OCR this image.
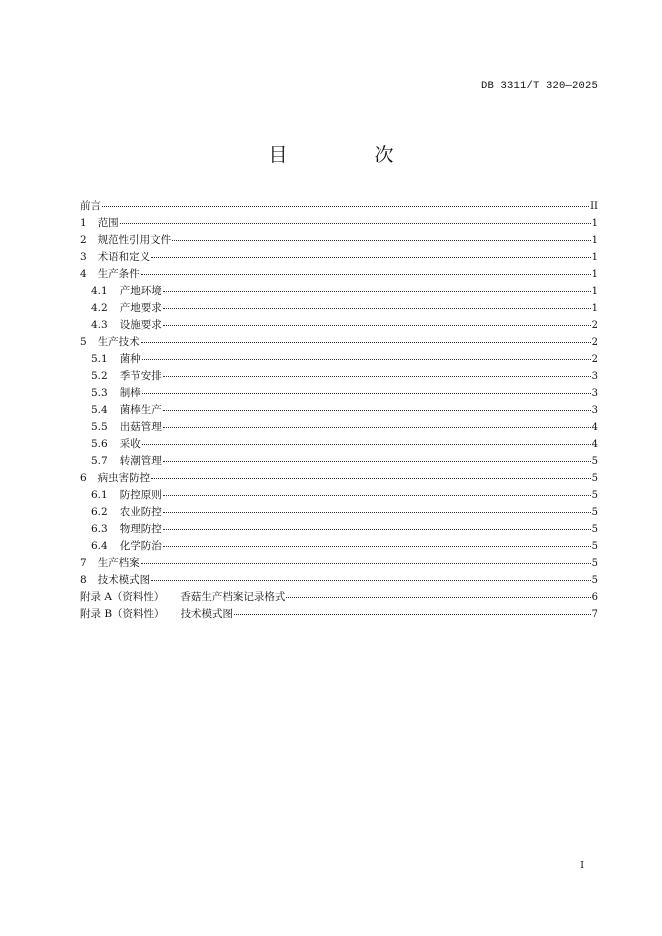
DB 3311/T 320—2025
目　次
前言	II
1 范围	1
2 规范性引用文件	1
3 术语和定义	1
4 生产条件	1
4.1 产地环境	1
4.2 产地要求	1
4.3 设施要求	2
5 生产技术	2
5.1 菌种	2
5.2 季节安排	3
5.3 制棒	3
5.4 菌棒生产	3
5.5 出菇管理	4
5.6 采收	4
5.7 转潮管理	5
6 病虫害防控	5
6.1 防控原则	5
6.2 农业防控	5
6.3 物理防控	5
6.4 化学防治	5
7 生产档案	5
8 技术模式图	5
附录 A（资料性） 香菇生产档案记录格式	6
附录 B（资料性） 技术模式图	7
I
